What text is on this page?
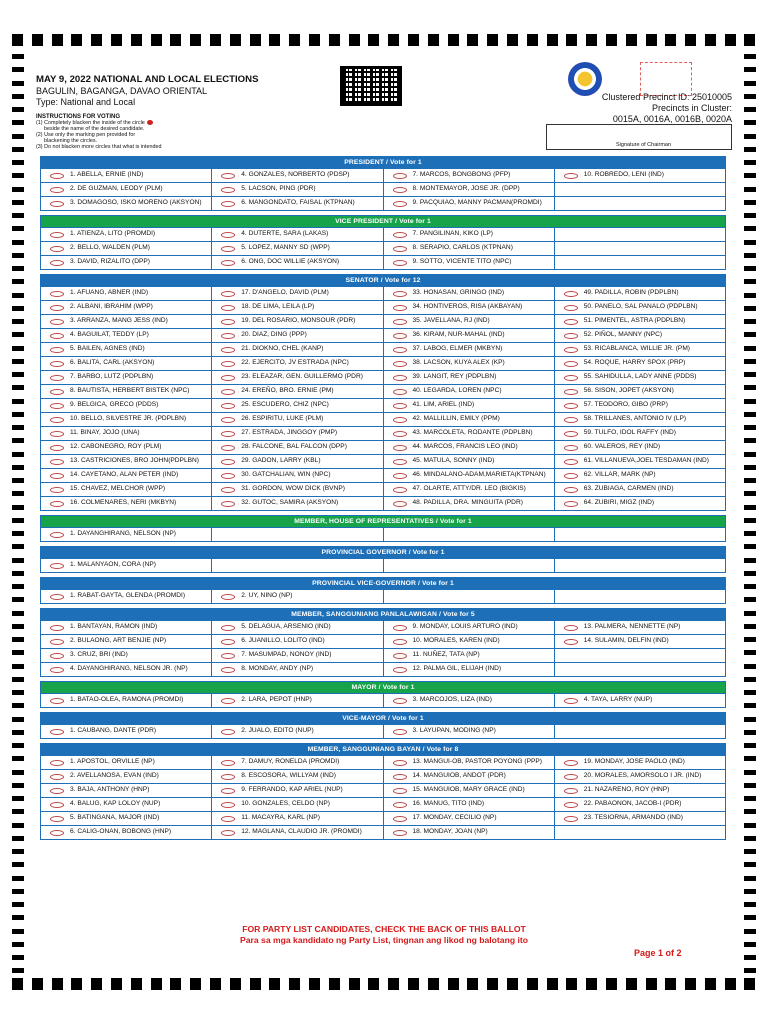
MAY 9, 2022 NATIONAL AND LOCAL ELECTIONS
BAGULIN, BAGANGA, DAVAO ORIENTAL
Type: National and Local
INSTRUCTIONS FOR VOTING
(1) Completely blacken the inside of the circle
beside the name of the desired candidate.
(2) Use only the marking pen provided for
blackening the circles.
(3) Do not blacken more circles that what is intended
Clustered Precinct ID: 25010005
Precincts in Cluster:
0015A, 0016A, 0016B, 0020A
Signature of Chairman
PRESIDENT / Vote for 1
1. ABELLA, ERNIE (IND)	4. GONZALES, NORBERTO (PDSP)	7. MARCOS, BONGBONG (PFP)	10. ROBREDO, LENI (IND)
2. DE GUZMAN, LEODY (PLM)	5. LACSON, PING (PDR)	8. MONTEMAYOR, JOSE JR. (DPP)
3. DOMAGOSO, ISKO MORENO (AKSYON)	6. MANGONDATO, FAISAL (KTPNAN)	9. PACQUIAO, MANNY PACMAN(PROMDI)
VICE PRESIDENT / Vote for 1
1. ATIENZA, LITO (PROMDI)	4. DUTERTE, SARA (LAKAS)	7. PANGILINAN, KIKO (LP)
2. BELLO, WALDEN (PLM)	5. LOPEZ, MANNY SD (WPP)	8. SERAPIO, CARLOS (KTPNAN)
3. DAVID, RIZALITO (DPP)	6. ONG, DOC WILLIE (AKSYON)	9. SOTTO, VICENTE TITO (NPC)
SENATOR / Vote for 12
1. AFUANG, ABNER (IND)	17. D'ANGELO, DAVID (PLM)	33. HONASAN, GRINGO (IND)	49. PADILLA, ROBIN (PDPLBN)
2. ALBANI, IBRAHIM (WPP)	18. DE LIMA, LEILA (LP)	34. HONTIVEROS, RISA (AKBAYAN)	50. PANELO, SAL PANALO (PDPLBN)
3. ARRANZA, MANG JESS (IND)	19. DEL ROSARIO, MONSOUR (PDR)	35. JAVELLANA, RJ (IND)	51. PIMENTEL, ASTRA (PDPLBN)
4. BAGUILAT, TEDDY (LP)	20. DIAZ, DING (PPP)	36. KIRAM, NUR-MAHAL (IND)	52. PIÑOL, MANNY (NPC)
5. BAILEN, AGNES (IND)	21. DIOKNO, CHEL (KANP)	37. LABOG, ELMER (MKBYN)	53. RICABLANCA, WILLIE JR. (PM)
6. BALITA, CARL (AKSYON)	22. EJERCITO, JV ESTRADA (NPC)	38. LACSON, KUYA ALEX (KP)	54. ROQUE, HARRY SPOX (PRP)
7. BARBO, LUTZ (PDPLBN)	23. ELEAZAR, GEN. GUILLERMO (PDR)	39. LANGIT, REY (PDPLBN)	55. SAHIDULLA, LADY ANNE (PDDS)
8. BAUTISTA, HERBERT BISTEK (NPC)	24. EREÑO, BRO. ERNIE (PM)	40. LEGARDA, LOREN (NPC)	56. SISON, JOPET (AKSYON)
9. BELGICA, GRECO (PDDS)	25. ESCUDERO, CHIZ (NPC)	41. LIM, ARIEL (IND)	57. TEODORO, GIBO (PRP)
10. BELLO, SILVESTRE JR. (PDPLBN)	26. ESPIRITU, LUKE (PLM)	42. MALLILLIN, EMILY (PPM)	58. TRILLANES, ANTONIO IV (LP)
11. BINAY, JOJO (UNA)	27. ESTRADA, JINGGOY (PMP)	43. MARCOLETA, RODANTE (PDPLBN)	59. TULFO, IDOL RAFFY (IND)
12. CABONEGRO, ROY (PLM)	28. FALCONE, BAL FALCON (DPP)	44. MARCOS, FRANCIS LEO (IND)	60. VALEROS, REY (IND)
13. CASTRICIONES, BRO JOHN(PDPLBN)	29. GADON, LARRY (KBL)	45. MATULA, SONNY (IND)	61. VILLANUEVA,JOEL TESDAMAN (IND)
14. CAYETANO, ALAN PETER (IND)	30. GATCHALIAN, WIN (NPC)	46. MINDALANO-ADAM,MARIETA(KTPNAN)	62. VILLAR, MARK (NP)
15. CHAVEZ, MELCHOR (WPP)	31. GORDON, WOW DICK (BVNP)	47. OLARTE, ATTY/DR. LEO (BIGKIS)	63. ZUBIAGA, CARMEN (IND)
16. COLMENARES, NERI (MKBYN)	32. GUTOC, SAMIRA (AKSYON)	48. PADILLA, DRA. MINGUITA (PDR)	64. ZUBIRI, MIGZ (IND)
MEMBER, HOUSE OF REPRESENTATIVES / Vote for 1
1. DAYANGHIRANG, NELSON (NP)
PROVINCIAL GOVERNOR / Vote for 1
1. MALANYAON, CORA (NP)
PROVINCIAL VICE-GOVERNOR / Vote for 1
1. RABAT-GAYTA, GLENDA (PROMDI)	2. UY, NINO (NP)
MEMBER, SANGGUNIANG PANLALAWIGAN / Vote for 5
1. BANTAYAN, RAMON (IND)	5. DELAGUA, ARSENIO (IND)	9. MONDAY, LOUIS ARTURO (IND)	13. PALMERA, NENNETTE (NP)
2. BULAONG, ART BENJIE (NP)	6. JUANILLO, LOLITO (IND)	10. MORALES, KAREN (IND)	14. SULAMIN, DELFIN (IND)
3. CRUZ, BRI (IND)	7. MASUMPAD, NONOY (IND)	11. NUÑEZ, TATA (NP)
4. DAYANGHIRANG, NELSON JR. (NP)	8. MONDAY, ANDY (NP)	12. PALMA GIL, ELIJAH (IND)
MAYOR / Vote for 1
1. BATAO-OLEA, RAMONA (PROMDI)	2. LARA, PEPOT (HNP)	3. MARCOJOS, LIZA (IND)	4. TAYA, LARRY (NUP)
VICE-MAYOR / Vote for 1
1. CAUBANG, DANTE (PDR)	2. JUALO, EDITO (NUP)	3. LAYUPAN, MODING (NP)
MEMBER, SANGGUNIANG BAYAN / Vote for 8
1. APOSTOL, ORVILLE (NP)	7. DAMUY, RONELDA (PROMDI)	13. MANGUI-OB, PASTOR POYONG (PPP)	19. MONDAY, JOSE PAOLO (IND)
2. AVELLANOSA, EVAN (IND)	8. ESCOSORA, WILLYAM (IND)	14. MANGUIOB, ANDOT (PDR)	20. MORALES, AMORSOLO I JR. (IND)
3. BAJA, ANTHONY (HNP)	9. FERRANDO, KAP ARIEL (NUP)	15. MANGUIOB, MARY GRACE (IND)	21. NAZARENO, ROY (HNP)
4. BALUG, KAP LOLOY (NUP)	10. GONZALES, CELDO (NP)	16. MANUG, TITO (IND)	22. PABAONON, JACOB-I (PDR)
5. BATINGANA, MAJOR (IND)	11. MACAYRA, KARL (NP)	17. MONDAY, CECILIO (NP)	23. TESIORNA, ARMANDO (IND)
6. CALIG-ONAN, BOBONG (HNP)	12. MAGLANA, CLAUDIO JR. (PROMDI)	18. MONDAY, JOAN (NP)
FOR PARTY LIST CANDIDATES, CHECK THE BACK OF THIS BALLOT
Para sa mga kandidato ng Party List, tingnan ang likod ng balotang ito
Page 1 of 2
